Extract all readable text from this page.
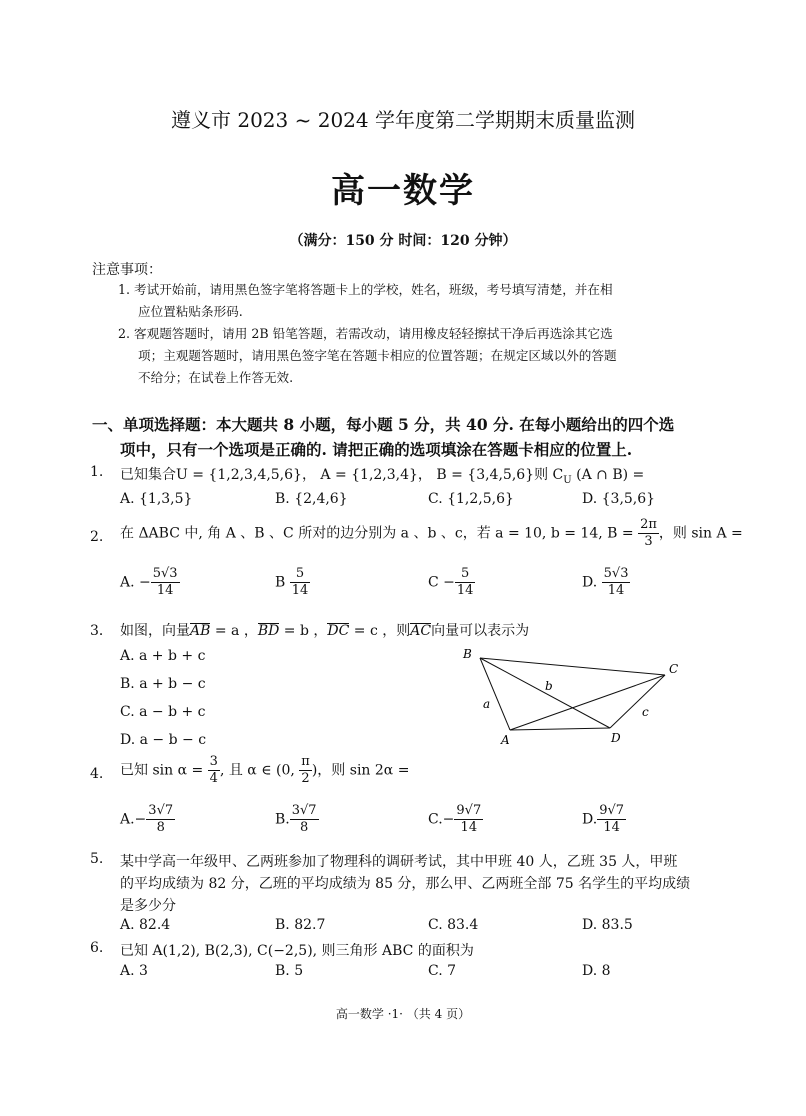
遵义市 2023 ~ 2024 学年度第二学期期末质量监测
高一数学
（满分：150 分 时间：120 分钟）
注意事项：
1. 考试开始前，请用黑色签字笔将答题卡上的学校，姓名，班级，考号填写清楚，并在相
应位置粘贴条形码.
2. 客观题答题时，请用 2B 铅笔答题，若需改动，请用橡皮轻轻擦拭干净后再选涂其它选
项；主观题答题时，请用黑色签字笔在答题卡相应的位置答题；在规定区域以外的答题
不给分；在试卷上作答无效.
一、单项选择题：本大题共 8 小题，每小题 5 分，共 40 分. 在每小题给出的四个选
项中，只有一个选项是正确的. 请把正确的选项填涂在答题卡相应的位置上.
1. 已知集合U = {1,2,3,4,5,6}， A = {1,2,3,4}， B = {3,4,5,6}则 $C_U$ (A ∩ B) =
A. {1,3,5}	B. {2,4,6}	C. {1,2,5,6}	D. {3,5,6}
2. 在 ΔABC 中, 角 A 、B 、C 所对的边分别为 a 、b 、c，若 a = 10, b = 14, $B = \frac{2\pi}{3}$ ，则 sin A =
A. − $\frac{5√3}{14}$	B $\frac{5}{14}$	$C - \frac{5}{14}$	D. $\frac{5√3}{14}$
3． 如图，向量AB = a ，BD = b ，DC = c ，则AC向量可以表示为
A. a + b + c
B. a + b − c
C. a − b + c
D. a − b − c
B
C
A	D
a
b
c
4. 已知 $\sin \alpha = \frac{3}{4}$ , 且 α ∈ (0, $\frac{\pi}{2}$ )，则 sin 2α =
$A.- \frac{3√7}{8}$	B. $\frac{3√7}{8}$	$C.- \frac{9√7}{14}$	D. $\frac{9√7}{14}$
5. 某中学高一年级甲、乙两班参加了物理科的调研考试，其中甲班 40 人，乙班 35 人，甲班
的平均成绩为 82 分，乙班的平均成绩为 85 分，那么甲、乙两班全部 75 名学生的平均成绩
是多少分
A. 82.4	B. 82.7	C. 83.4	D. 83.5
6. 已知 A(1,2), B(2,3), C(−2,5), 则三角形 ABC 的面积为
A. 3	B. 5	C. 7	D. 8
高一数学 ·1· （共 4 页）
